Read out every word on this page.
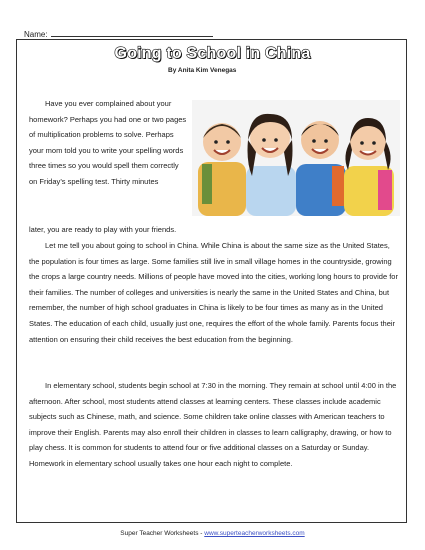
Name:
Going to School in China
By Anita Kim Venegas
Have you ever complained about your homework? Perhaps you had one or two pages of multiplication problems to solve. Perhaps your mom told you to write your spelling words three times so you would spell them correctly on Friday’s spelling test. Thirty minutes
later, you are ready to play with your friends.
Let me tell you about going to school in China. While China is about the same size as the United States, the population is four times as large. Some families still live in small village homes in the countryside, growing the crops a large country needs. Millions of people have moved into the cities, working long hours to provide for their families. The number of colleges and universities is nearly the same in the United States and China, but remember, the number of high school graduates in China is likely to be four times as many as in the United States. The education of each child, usually just one, requires the effort of the whole family. Parents focus their attention on ensuring their child receives the best education from the beginning.
In elementary school, students begin school at 7:30 in the morning. They remain at school until 4:00 in the afternoon. After school, most students attend classes at learning centers. These classes include academic subjects such as Chinese, math, and science. Some children take online classes with American teachers to improve their English. Parents may also enroll their children in classes to learn calligraphy, drawing, or how to play chess. It is common for students to attend four or five additional classes on a Saturday or Sunday. Homework in elementary school usually takes one hour each night to complete.
Super Teacher Worksheets - www.superteacherworksheets.com
